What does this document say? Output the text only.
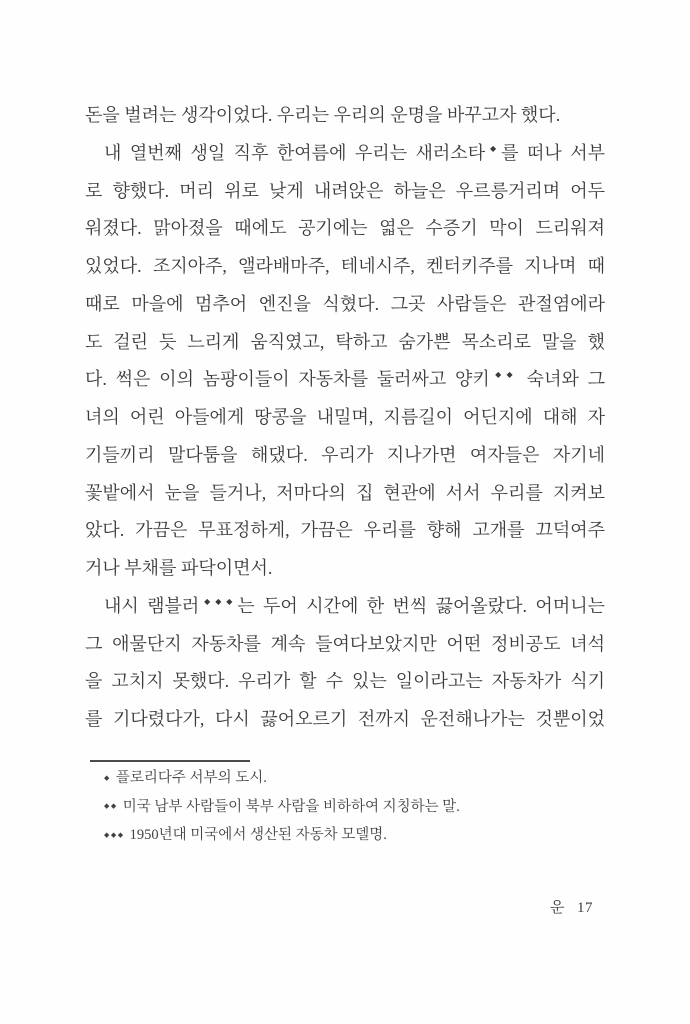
돈을 벌려는 생각이었다. 우리는 우리의 운명을 바꾸고자 했다.
내 열번째 생일 직후 한여름에 우리는 새러소타◆를 떠나 서부
로 향했다. 머리 위로 낮게 내려앉은 하늘은 우르릉거리며 어두
워졌다. 맑아졌을 때에도 공기에는 엷은 수증기 막이 드리워져
있었다. 조지아주, 앨라배마주, 테네시주, 켄터키주를 지나며 때
때로 마을에 멈추어 엔진을 식혔다. 그곳 사람들은 관절염에라
도 걸린 듯 느리게 움직였고, 탁하고 숨가쁜 목소리로 말을 했
다. 썩은 이의 놈팡이들이 자동차를 둘러싸고 양키◆◆ 숙녀와 그
녀의 어린 아들에게 땅콩을 내밀며, 지름길이 어딘지에 대해 자
기들끼리 말다툼을 해댔다. 우리가 지나가면 여자들은 자기네
꽃밭에서 눈을 들거나, 저마다의 집 현관에 서서 우리를 지켜보
았다. 가끔은 무표정하게, 가끔은 우리를 향해 고개를 끄덕여주
거나 부채를 파닥이면서.
내시 램블러◆◆◆는 두어 시간에 한 번씩 끓어올랐다. 어머니는
그 애물단지 자동차를 계속 들여다보았지만 어떤 정비공도 녀석
을 고치지 못했다. 우리가 할 수 있는 일이라고는 자동차가 식기
를 기다렸다가, 다시 끓어오르기 전까지 운전해나가는 것뿐이었
◆ 플로리다주 서부의 도시.
◆◆ 미국 남부 사람들이 북부 사람을 비하하여 지칭하는 말.
◆◆◆ 1950년대 미국에서 생산된 자동차 모델명.
운 17
